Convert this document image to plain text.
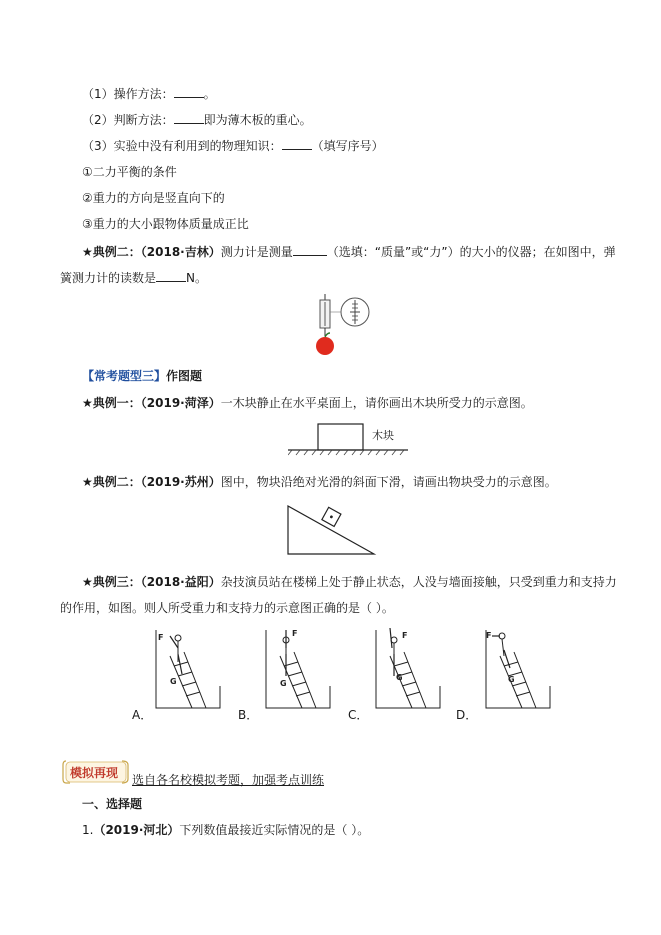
（1）操作方法：	。
（2）判断方法：	即为薄木板的重心。
（3）实验中没有利用到的物理知识：	（填写序号）
①二力平衡的条件
②重力的方向是竖直向下的
③重力的大小跟物体质量成正比
★典例二：（2018·吉林）测力计是测量	（选填：“质量”或“力”）的大小的仪器；在如图中，弹
簧测力计的读数是	N。
【常考题型三】作图题
★典例一：（2019·菏泽）一木块静止在水平桌面上，请你画出木块所受力的示意图。
木块
★典例二：（2019·苏州）图中，物块沿绝对光滑的斜面下滑，请画出物块受力的示意图。
★典例三：（2018·益阳）杂技演员站在楼梯上处于静止状态，人没与墙面接触，只受到重力和支持力
的作用，如图。则人所受重力和支持力的示意图正确的是（ ）。
F
G
F
G
F
G
F
G
A．	B．	C．	D．
模拟再现 选自各名校模拟考题，加强考点训练
一、选择题
1.（2019·河北）下列数值最接近实际情况的是（ ）。
